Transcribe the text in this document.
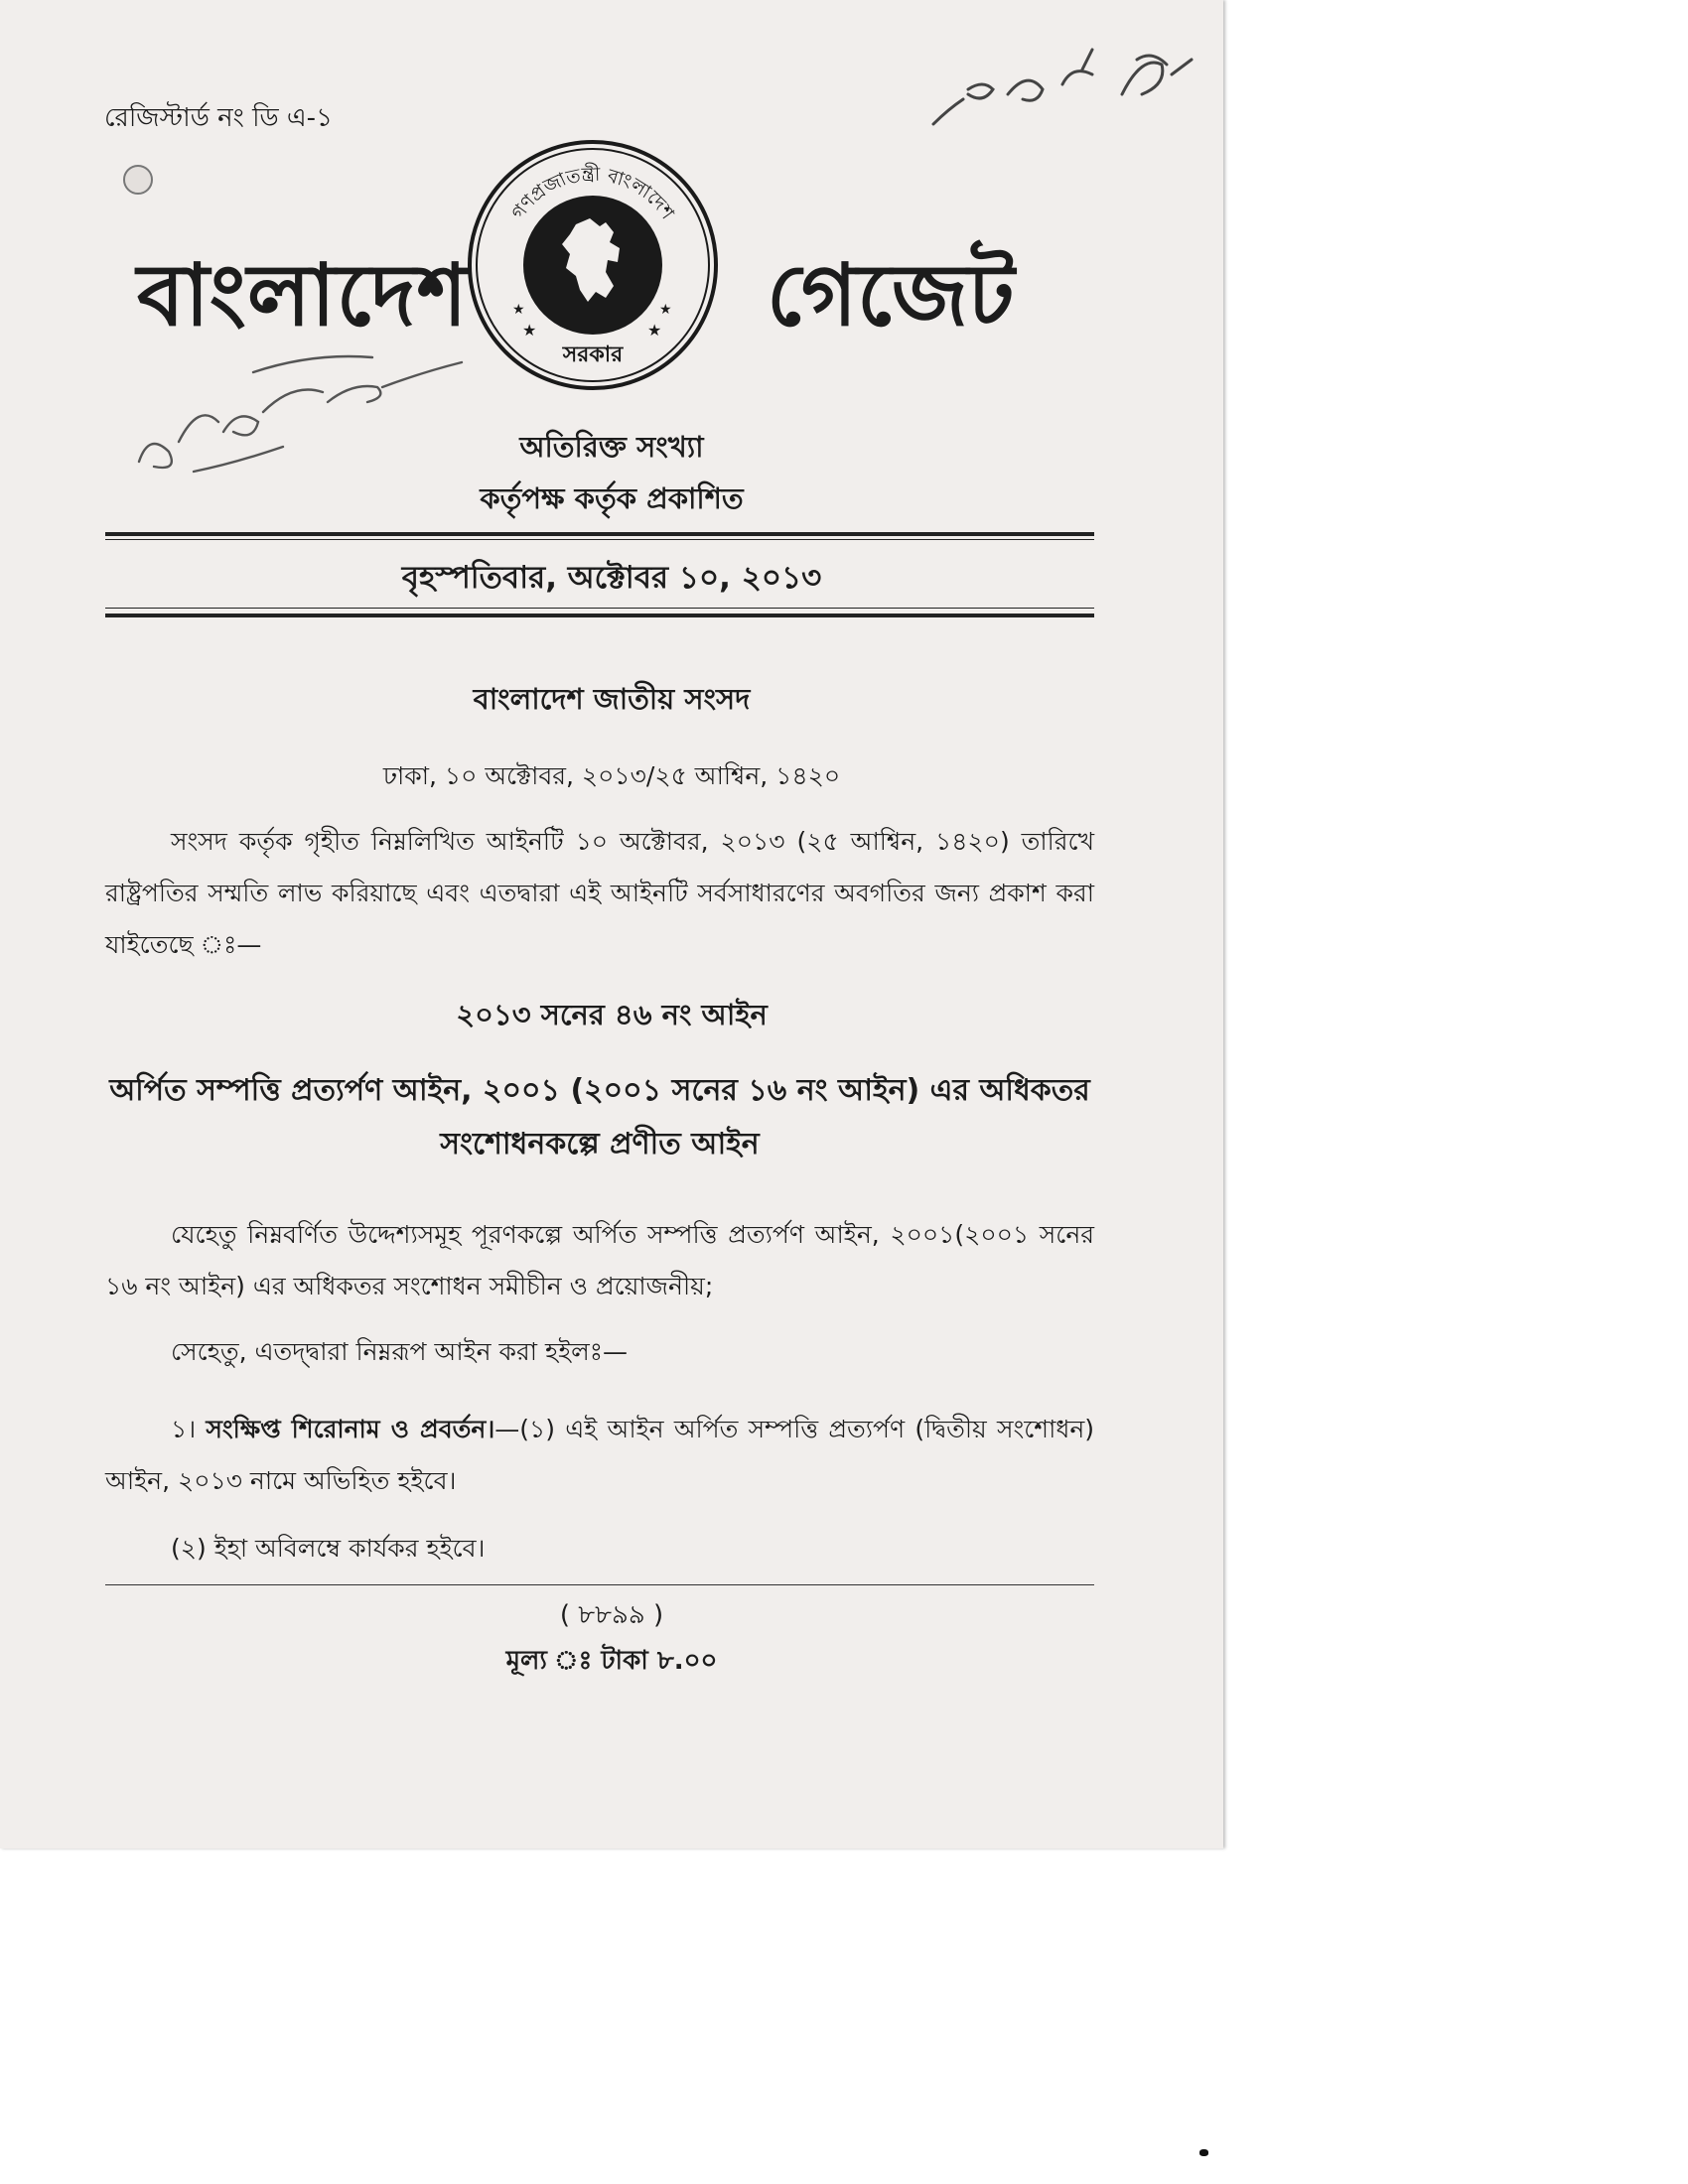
রেজিস্টার্ড নং ডি এ-১
বাংলাদেশ
গণপ্রজাতন্ত্রী বাংলাদেশ
সরকার
★	★
★	★ গেজেট
অতিরিক্ত সংখ্যা
কর্তৃপক্ষ কর্তৃক প্রকাশিত
বৃহস্পতিবার, অক্টোবর ১০, ২০১৩
বাংলাদেশ জাতীয় সংসদ
ঢাকা, ১০ অক্টোবর, ২০১৩/২৫ আশ্বিন, ১৪২০
সংসদ কর্তৃক গৃহীত নিম্নলিখিত আইনটি ১০ অক্টোবর, ২০১৩ (২৫ আশ্বিন, ১৪২০) তারিখে রাষ্ট্রপতির সম্মতি লাভ করিয়াছে এবং এতদ্বারা এই আইনটি সর্বসাধারণের অবগতির জন্য প্রকাশ করা যাইতেছে ঃ—
২০১৩ সনের ৪৬ নং আইন
অর্পিত সম্পত্তি প্রত্যর্পণ আইন, ২০০১ (২০০১ সনের ১৬ নং আইন) এর অধিকতর সংশোধনকল্পে প্রণীত আইন
যেহেতু নিম্নবর্ণিত উদ্দেশ্যসমূহ পূরণকল্পে অর্পিত সম্পত্তি প্রত্যর্পণ আইন, ২০০১(২০০১ সনের ১৬ নং আইন) এর অধিকতর সংশোধন সমীচীন ও প্রয়োজনীয়;
সেহেতু, এতদ্দ্বারা নিম্নরূপ আইন করা হইলঃ—
১। সংক্ষিপ্ত শিরোনাম ও প্রবর্তন।—(১) এই আইন অর্পিত সম্পত্তি প্রত্যর্পণ (দ্বিতীয় সংশোধন) আইন, ২০১৩ নামে অভিহিত হইবে।
(২) ইহা অবিলম্বে কার্যকর হইবে।
( ৮৮৯৯ )
মূল্য ঃ টাকা ৮.০০
